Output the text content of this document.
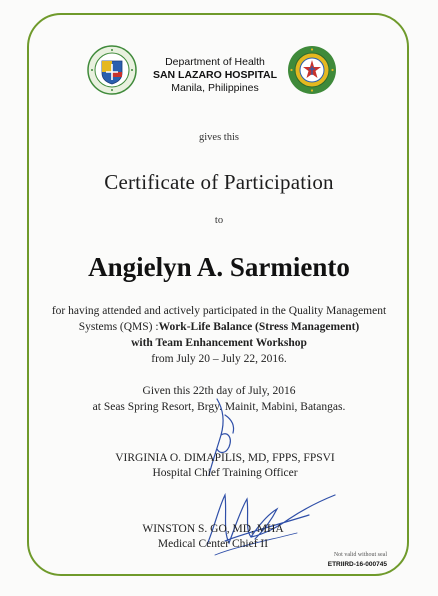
Department of Health
SAN LAZARO HOSPITAL
Manila, Philippines
gives this
Certificate of Participation
to
Angielyn A. Sarmiento
for having attended and actively participated in the Quality Management
Systems (QMS) :Work-Life Balance (Stress Management)
with Team Enhancement Workshop
from July 20 – July 22, 2016.
Given this 22th day of July, 2016
at Seas Spring Resort, Brgy. Mainit, Mabini, Batangas.
VIRGINIA O. DIMAPILIS, MD, FPPS, FPSVI
Hospital Chief Training Officer
WINSTON S. GO, MD, MHA
Medical Center Chief II
Not valid without seal
ETRIIRD-16-000745
